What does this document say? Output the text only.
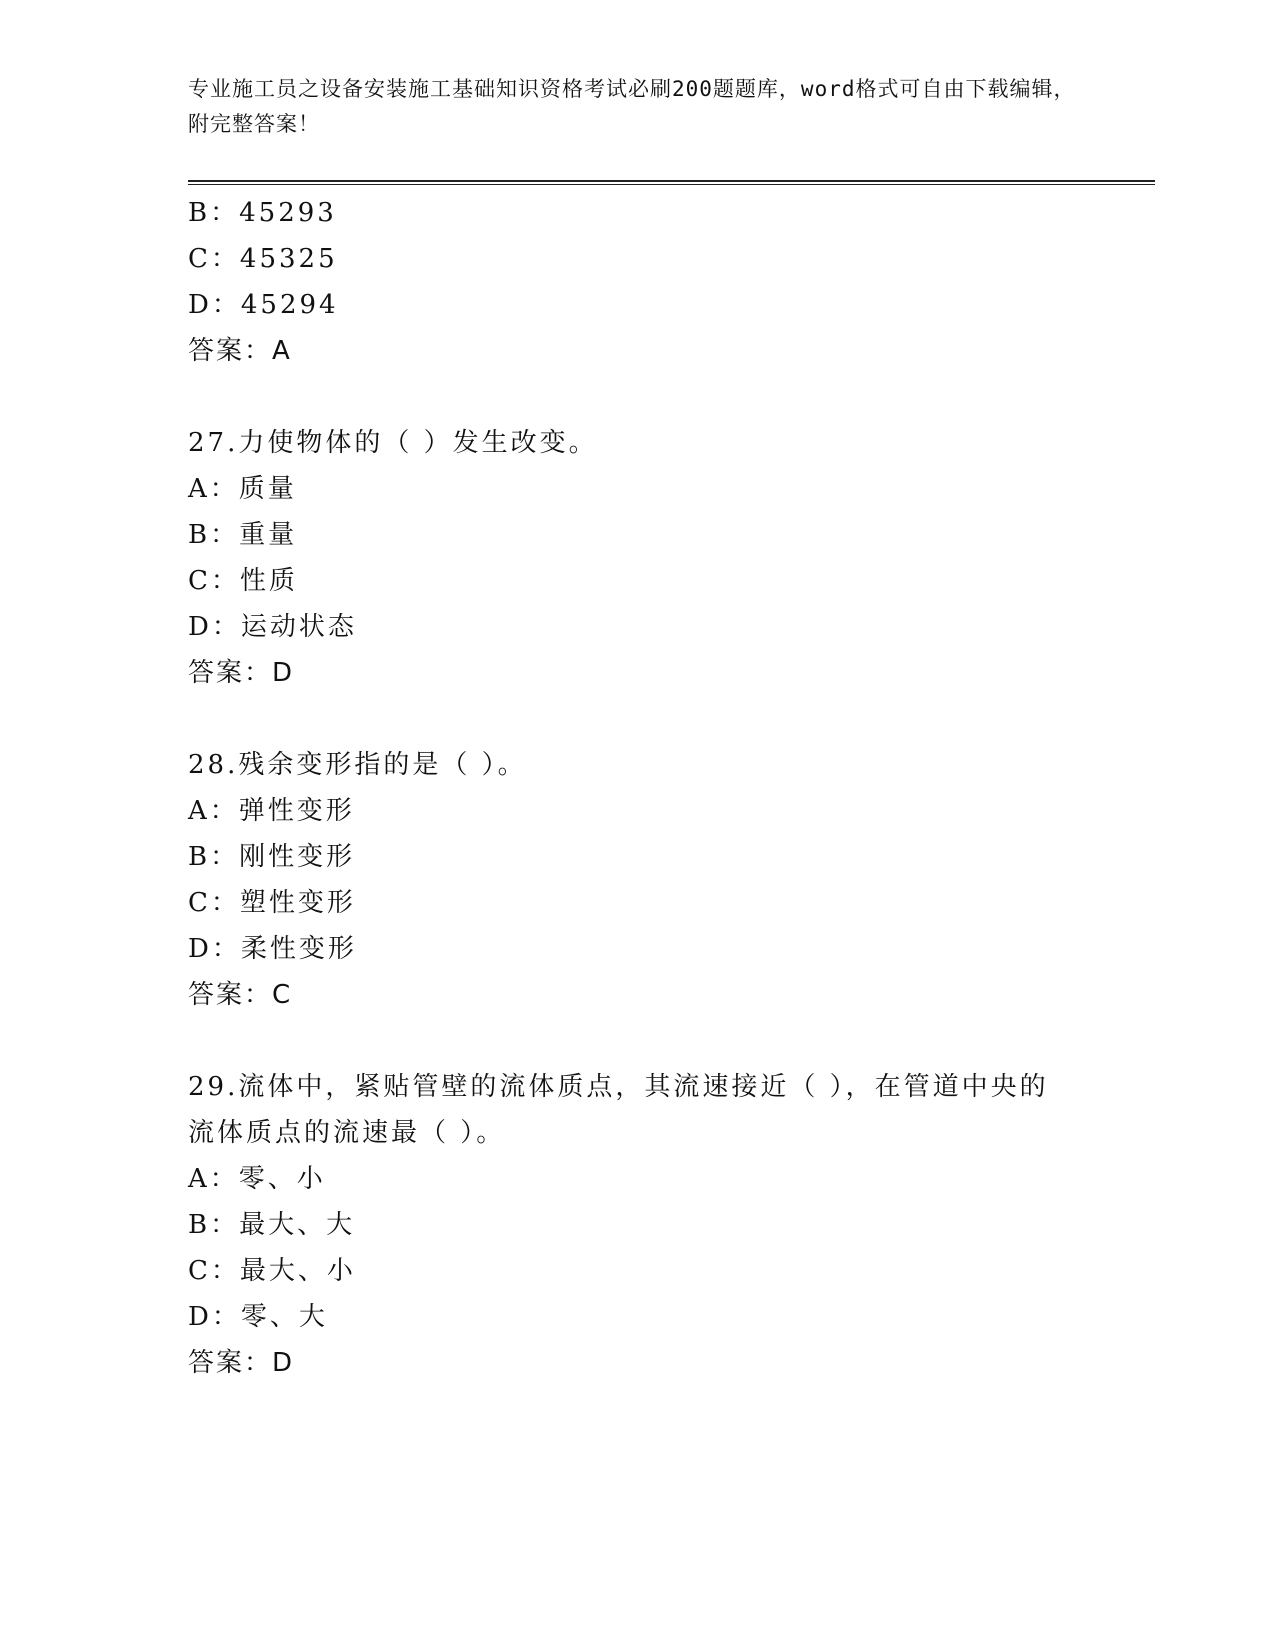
专业施工员之设备安装施工基础知识资格考试必刷200题题库，word格式可自由下载编辑，附完整答案！
B：45293
C：45325
D：45294
答案：A
27.力使物体的（ ）发生改变。
A：质量
B：重量
C：性质
D：运动状态
答案：D
28.残余变形指的是（ ）。
A：弹性变形
B：刚性变形
C：塑性变形
D：柔性变形
答案：C
29.流体中，紧贴管壁的流体质点，其流速接近（ ），在管道中央的流体质点的流速最（ ）。
A：零、小
B：最大、大
C：最大、小
D：零、大
答案：D
